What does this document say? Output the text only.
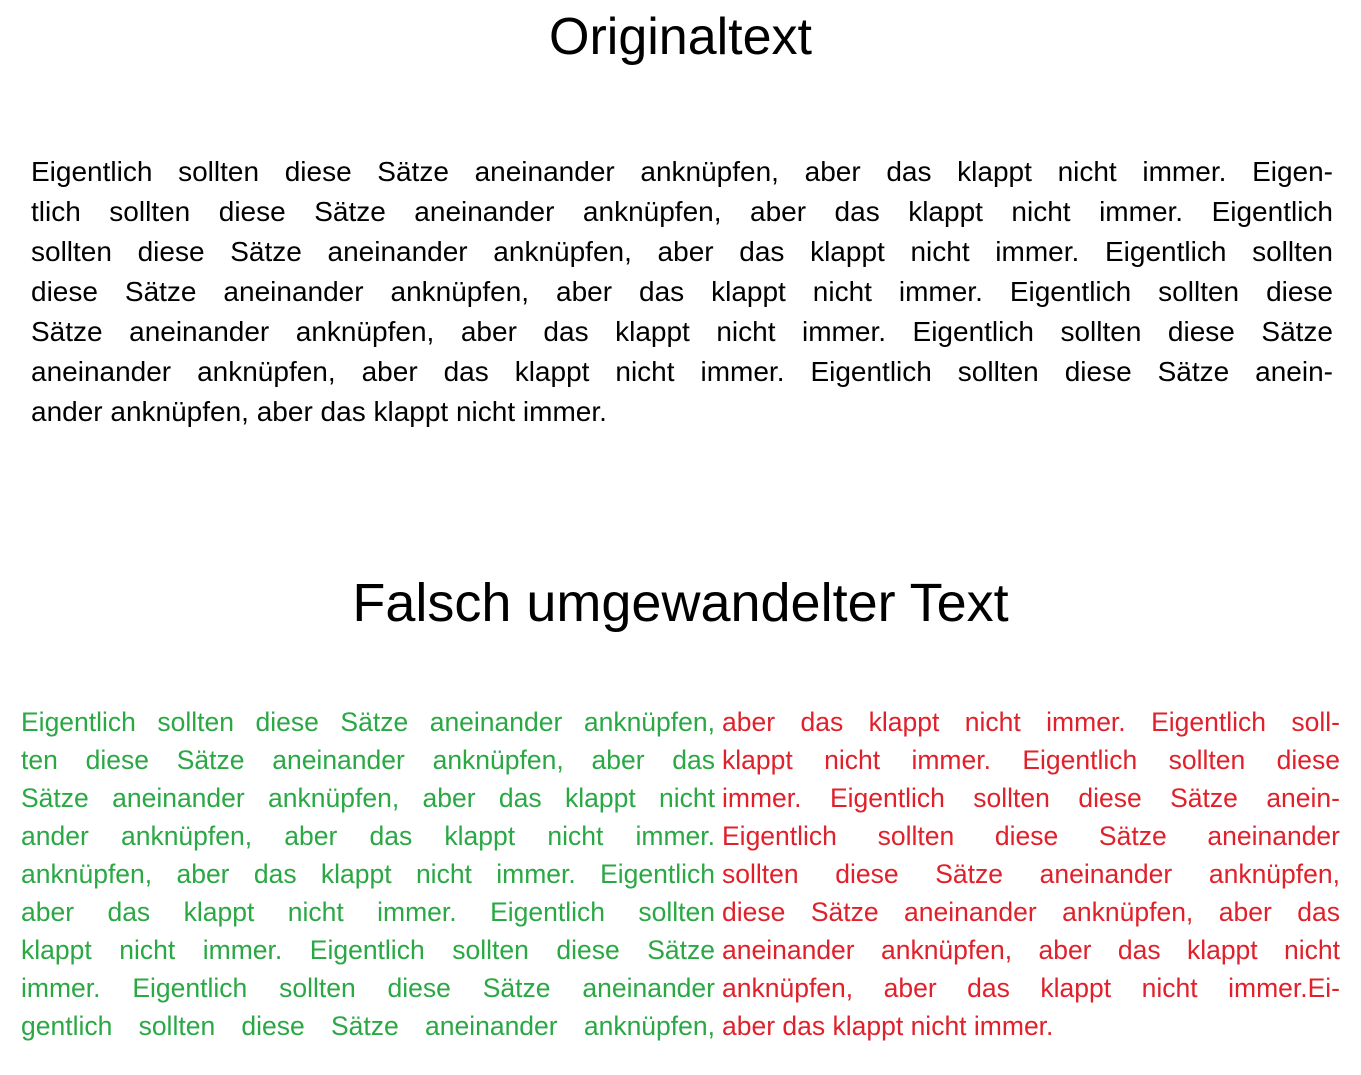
Originaltext
Eigentlich sollten diese Sätze aneinander anknüpfen, aber das klappt nicht immer. Eigen-
tlich sollten diese Sätze aneinander anknüpfen, aber das klappt nicht immer. Eigentlich
sollten diese Sätze aneinander anknüpfen, aber das klappt nicht immer. Eigentlich sollten
diese Sätze aneinander anknüpfen, aber das klappt nicht immer. Eigentlich sollten diese
Sätze aneinander anknüpfen, aber das klappt nicht immer. Eigentlich sollten diese Sätze
aneinander anknüpfen, aber das klappt nicht immer. Eigentlich sollten diese Sätze anein-
ander anknüpfen, aber das klappt nicht immer.
Falsch umgewandelter Text
Eigentlich sollten diese Sätze aneinander anknüpfen,
ten diese Sätze aneinander anknüpfen, aber das
Sätze aneinander anknüpfen, aber das klappt nicht
ander anknüpfen, aber das klappt nicht immer.
anknüpfen, aber das klappt nicht immer. Eigentlich
aber das klappt nicht immer. Eigentlich sollten
klappt nicht immer. Eigentlich sollten diese Sätze
immer. Eigentlich sollten diese Sätze aneinander
gentlich sollten diese Sätze aneinander anknüpfen,
aber das klappt nicht immer. Eigentlich soll-
klappt nicht immer. Eigentlich sollten diese
immer. Eigentlich sollten diese Sätze anein-
Eigentlich sollten diese Sätze aneinander
sollten diese Sätze aneinander anknüpfen,
diese Sätze aneinander anknüpfen, aber das
aneinander anknüpfen, aber das klappt nicht
anknüpfen, aber das klappt nicht immer.Ei-
aber das klappt nicht immer.
